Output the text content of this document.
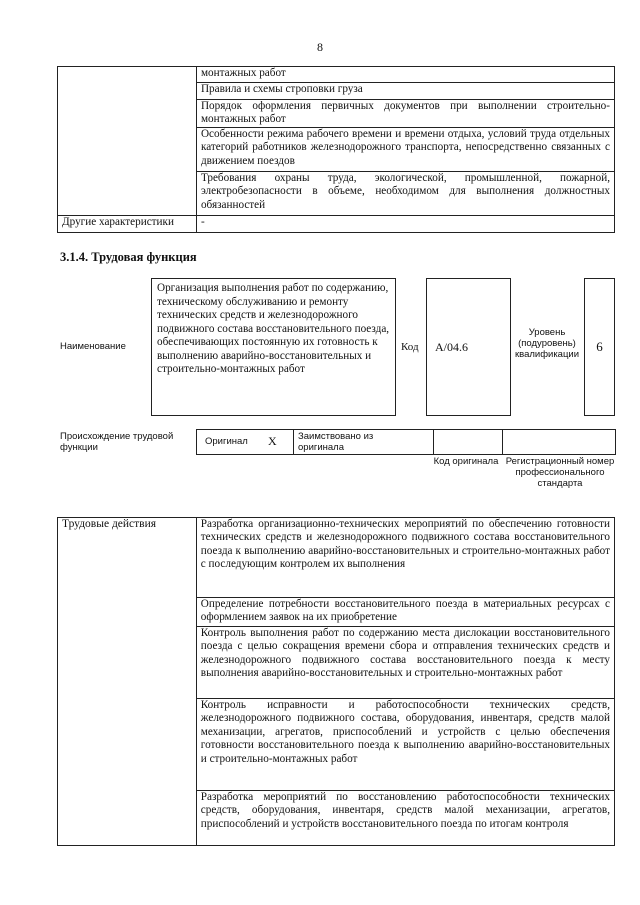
8
	монтажных работ
	Правила и схемы строповки груза
	Порядок оформления первичных документов при выполнении строительно-монтажных работ
	Особенности режима рабочего времени и времени отдыха, условий труда отдельных категорий работников железнодорожного транспорта, непосредственно связанных с движением поездов
	Требования охраны труда, экологической, промышленной, пожарной, электробезопасности в объеме, необходимом для выполнения должностных обязанностей
Другие характеристики	-
3.1.4. Трудовая функция
Наименование
Организация выполнения работ по содержанию, техническому обслуживанию и ремонту технических средств и железнодорожного подвижного состава восстановительного поезда, обеспечивающих постоянную их готовность к выполнению аварийно-восстановительных и строительно-монтажных работ
Код А/04.6
Уровень (подуровень) квалификации
6
Происхождение трудовой функции
Оригинал X Заимствовано из оригинала
Код оригинала Регистрационный номер профессионального стандарта
Трудовые действия	Разработка организационно-технических мероприятий по обеспечению готовности технических средств и железнодорожного подвижного состава восстановительного поезда к выполнению аварийно-восстановительных и строительно-монтажных работ с последующим контролем их выполнения
Определение потребности восстановительного поезда в материальных ресурсах с оформлением заявок на их приобретение
Контроль выполнения работ по содержанию места дислокации восстановительного поезда с целью сокращения времени сбора и отправления технических средств и железнодорожного подвижного состава восстановительного поезда к месту выполнения аварийно-восстановительных и строительно-монтажных работ
Контроль исправности и работоспособности технических средств, железнодорожного подвижного состава, оборудования, инвентаря, средств малой механизации, агрегатов, приспособлений и устройств с целью обеспечения готовности восстановительного поезда к выполнению аварийно-восстановительных и строительно-монтажных работ
Разработка мероприятий по восстановлению работоспособности технических средств, оборудования, инвентаря, средств малой механизации, агрегатов, приспособлений и устройств восстановительного поезда по итогам контроля
